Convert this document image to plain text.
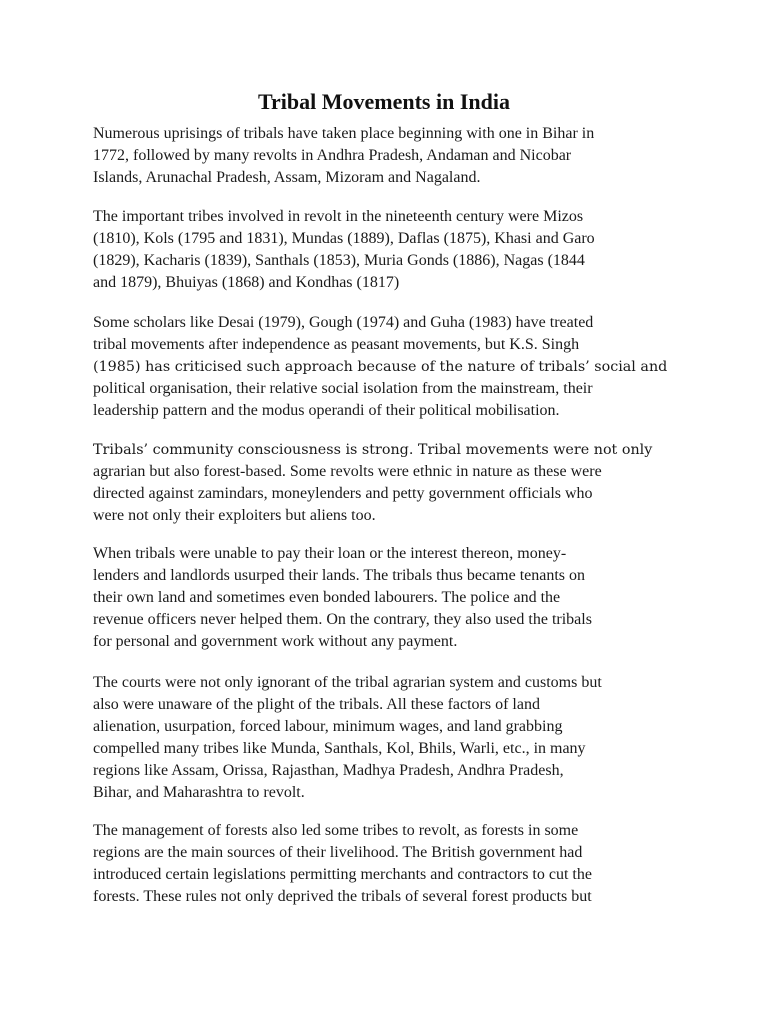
Tribal Movements in India

Numerous uprisings of tribals have taken place beginning with one in Bihar in
1772, followed by many revolts in Andhra Pradesh, Andaman and Nicobar
Islands, Arunachal Pradesh, Assam, Mizoram and Nagaland.

The important tribes involved in revolt in the nineteenth century were Mizos
(1810), Kols (1795 and 1831), Mundas (1889), Daflas (1875), Khasi and Garo
(1829), Kacharis (1839), Santhals (1853), Muria Gonds (1886), Nagas (1844
and 1879), Bhuiyas (1868) and Kondhas (1817)

Some scholars like Desai (1979), Gough (1974) and Guha (1983) have treated
tribal movements after independence as peasant movements, but K.S. Singh
(1985) has criticised such approach because of the nature of tribals’ social and
political organisation, their relative social isolation from the mainstream, their
leadership pattern and the modus operandi of their political mobilisation.

Tribals’ community consciousness is strong. Tribal movements were not only
agrarian but also forest-based. Some revolts were ethnic in nature as these were
directed against zamindars, moneylenders and petty government officials who
were not only their exploiters but aliens too.

When tribals were unable to pay their loan or the interest thereon, money-
lenders and landlords usurped their lands. The tribals thus became tenants on
their own land and sometimes even bonded labourers. The police and the
revenue officers never helped them. On the contrary, they also used the tribals
for personal and government work without any payment.

The courts were not only ignorant of the tribal agrarian system and customs but
also were unaware of the plight of the tribals. All these factors of land
alienation, usurpation, forced labour, minimum wages, and land grabbing
compelled many tribes like Munda, Santhals, Kol, Bhils, Warli, etc., in many
regions like Assam, Orissa, Rajasthan, Madhya Pradesh, Andhra Pradesh,
Bihar, and Maharashtra to revolt.

The management of forests also led some tribes to revolt, as forests in some
regions are the main sources of their livelihood. The British government had
introduced certain legislations permitting merchants and contractors to cut the
forests. These rules not only deprived the tribals of several forest products but
